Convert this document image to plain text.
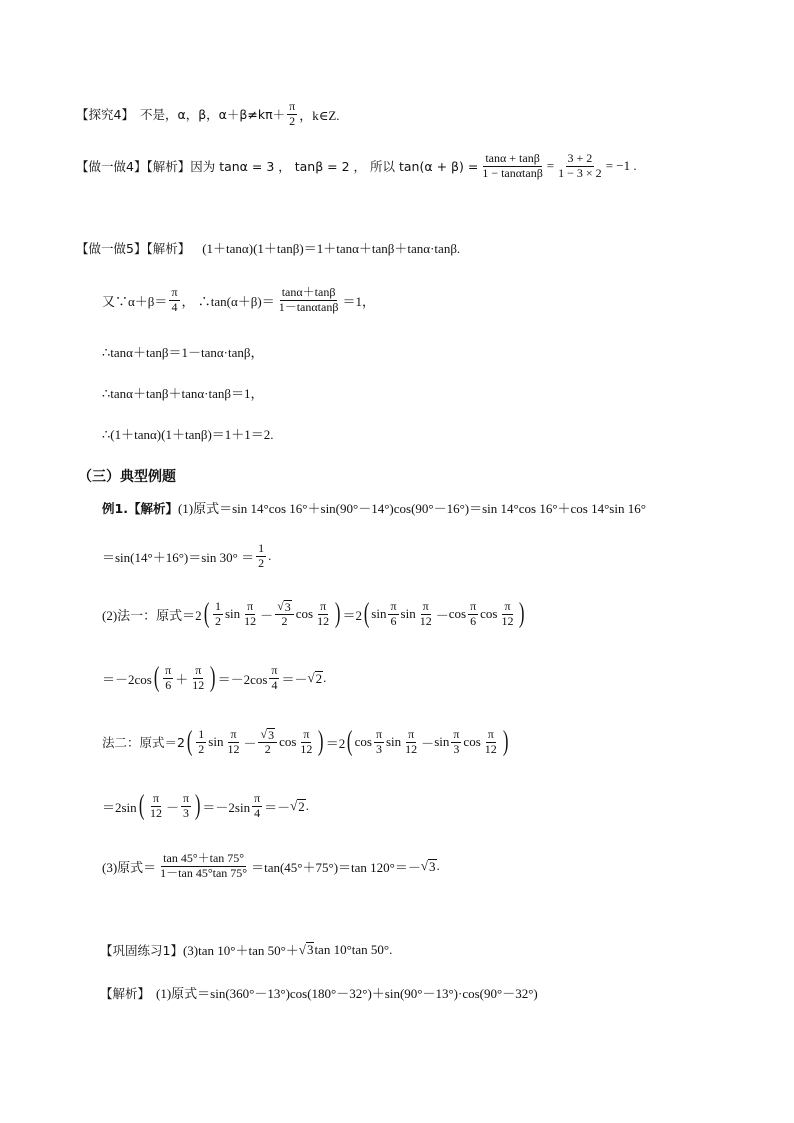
【探究4】 不是，α，β，$\alpha+\beta\ne k\pi+ \frac{\pi}{2}$ ，k∈Z.
【做一做4】【解析】 因为 tanα = 3 ， tanβ = 2 ， 所以 $\tan(\alpha + \beta) = \frac{\tan\alpha + \tan\beta}{1 - \tan\alpha\tan\beta} = \frac{3 + 2}{1 - 3 \times 2} = -1$ .
【做一做5】【解析】 (1＋tanα)(1＋tanβ)＝1＋tanα＋tanβ＋tanα·tanβ.
又∵α＋β＝ $\frac{\pi}{4}$ ， ∴tan(α＋β)＝ $\frac{\tan\alpha+\tan\beta}{1-\tan\alpha\tan\beta} =1$，
∴tanα＋tanβ＝1－tanα·tanβ，
∴tanα＋tanβ＋tanα·tanβ＝1，
∴(1＋tanα)(1＋tanβ)＝1＋1＝2.
（三）典型例题
例1.【解析】 (1)原式＝sin 14°cos 16°＋sin(90°－14°)cos(90°－16°)＝sin 14°cos 16°＋cos 14°sin 16°
＝sin(14°＋16°)＝sin $30^\circ = \frac{1}{2}$ .
(2)法一：原式＝2 ( $\frac{1}{2}$ $\sin \frac{\pi}{12} - \frac{√ 3}{2}$ $\cos \frac{\pi}{12}$ ) ＝2 ( $\sin \frac{\pi}{6}$ $\sin \frac{\pi}{12} - \cos \frac{\pi}{6}$ $\cos \frac{\pi}{12}$ )
＝－2cos ( $\frac{\pi}{6} + \frac{\pi}{12}$ ) $=-2\cos \frac{\pi}{4}$ ＝－ √ 2 .
法二：原式＝2 ( $\frac{1}{2}$ $\sin \frac{\pi}{12} - \frac{√ 3}{2}$ $\cos \frac{\pi}{12}$ ) ＝2 ( $\cos \frac{\pi}{3}$ $\sin \frac{\pi}{12} - \sin \frac{\pi}{3}$ $\cos \frac{\pi}{12}$ )
＝2sin ( $\frac{\pi}{12} - \frac{\pi}{3}$ ) $=-2\sin \frac{\pi}{4}$ ＝－ √ 2 .
(3)原式＝ $\frac{\tan 45^\circ+\tan 75^\circ}{1-\tan 45^\circ\tan 75^\circ} =\tan(45^\circ+75^\circ)=\tan$ 120°＝－ √ 3 .
【巩固练习1】 (3)tan 10°＋tan 50°＋ √ 3 tan 10°tan 50°.
【解析】 (1)原式＝sin(360°－13°)cos(180°－32°)＋sin(90°－13°)·cos(90°－32°)
